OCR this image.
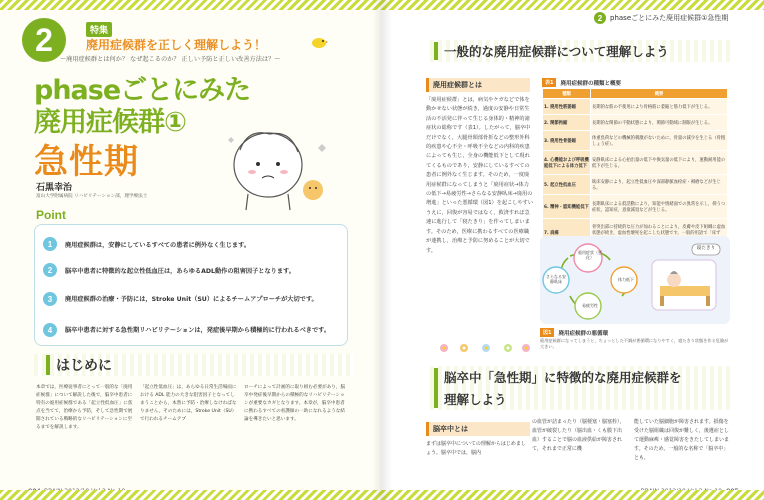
2	特集
廃用症候群を正しく理解しよう！
〜廃用症候群とは何か？ なぜ起こるのか？ 正しい予防と正しい改善方法は？〜
phaseごとにみた
廃用症候群①
急性期
石黒幸治
富山大学附属病院 リハビリテーション部，理学療法士
Point
1	廃用症候群は，安静にしているすべての患者に例外なく生じます。
2	脳卒中患者に特徴的な起立性低血圧は，あらゆるADL動作の阻害因子となります。
3	廃用症候群の治療・予防には，Stroke Unit（SU）によるチームアプローチが大切です。
4	脳卒中患者に対する急性期リハビリテーションは，発症後早期から積極的に行われるべきです。
はじめに
本章では，医療従事者にとって一般的な「廃用症候群」について解説した後で，脳卒中患者に特有の廃用症候群である「起立性低血圧」に焦点を当てて，治療から予防，そして急性期で展開されている戦略的なリハビリテーションに至るまでを解説します。
「起立性低血圧」は，あらゆる日常生活場面における ADL 能力の大きな阻害因子となってしまうことから，本然に予防・治療しなければなりません。そのためには，Stroke Unit（SU）で行われるチームアプ
ローチによって計画的に取り組む必要があり，脳卒中発症後早期からの積極的なリハビリテーションが重要なカギとなります。本章が，脳卒中患者に携わるすべての看護師の一助になれるような結論を導きたいと思います。
2	phaseごとにみた廃用症候群①急性期
一般的な廃用症候群について理解しよう
廃用症候群とは
「廃用症候群」とは，病気やケガなどで体を動かせない状態が続き，過度の安静や日常生活の不活発に伴って生じる身体的・精神的諸症状の総称です（表1）。したがって，脳卒中だけでなく，大腿骨頸部骨折などの整形外科的疾患や心不全・呼吸不全などの内科的疾患によっても生じ，全身の機能低下として現れてくるものであり，安静にしているすべての患者に例外なく生じます。そのため，一度廃用症候群になってしまうと「廃用症状→体力の低下→易疲労性→さらなる安静臥床→廃用の増進」といった悪循環（図1）を起こしやすいうえに，回復が容易ではなく，救済すれば急速に進行して「寝たきり」を作ってしまいます。そのため，医療に携わるすべての医療職が連携し，治療と予防に努めることが大切です。
表1	廃用症候群の種類と概要
種類	概要
1. 廃用性筋萎縮	長期的な筋の不使用により骨格筋に萎縮と筋力低下が生じる。
2. 関節拘縮	長期的な関節の不動状態により，関節可動域に制限が生じる。
3. 廃用性骨萎縮	体重負荷などの機械的刺激がないために，骨量の減少を生じる（骨粗しょう症）。
4. 心機能および呼吸機能低下による体力低下	安静臥床による心拍出量の低下や換気量の低下により，運動耐用能の低下が生じる。
5. 起立性低血圧	臥床安静により，起立性低血圧や深部静脈血栓症・褥瘡などが生じる。
6. 精神・認知機能低下	長期臥床による低活動により，知能や情緒面での異常を示し，抑うつ症状，認知症，意欲減退などが生じる。
7. 肩痛	骨突出部に持続的な圧力が加わることにより，皮膚や皮下組織に虚血状態が続き，虚血性壊死を起こした状態です。一般的用語で「床ず
廃用症状（悪化）
体力低下
易疲労性
さらなる安静臥床
寝たきり
図1	廃用症候群の悪循環
廃用症候群になってしまうと，ちょっとした不調が悪循環になりやすく，寝たきり状態を作る危険が大きい。
脳卒中「急性期」に特徴的な廃用症候群を
理解しよう
脳卒中とは
まずは脳卒中についての理解からはじめましょう。脳卒中では，脳内
の血管が詰まったり（脳梗塞・脳塞栓），血管が破裂したり（脳出血・くも膜下出血）することで脳の血液供給が障害されて，それまで正常に機
能していた脳細胞が障害されます。損傷を受けた脳組織は回復が難しく，後遺症として運動麻痺・感覚障害をきたしてしまいます。そのため，一般的な名称で「脳卒中」とも，
